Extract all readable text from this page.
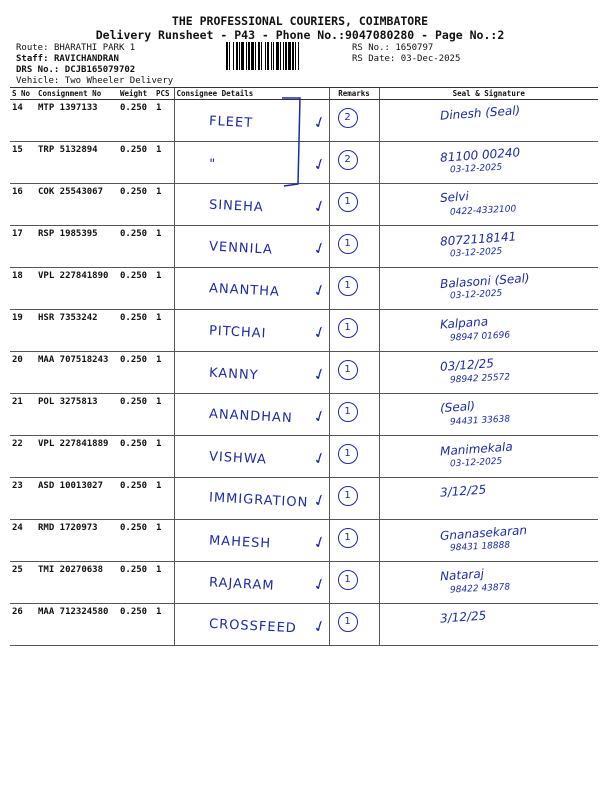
THE PROFESSIONAL COURIERS, COIMBATORE
Delivery Runsheet - P43 - Phone No.:9047080280 - Page No.:2
Route: BHARATHI PARK 1
Staff: RAVICHANDRAN
DRS No.: DCJB165079702
Vehicle: Two Wheeler Delivery
RS No.: 1650797
RS Date: 03-Dec-2025
S No	Consignment No	Weight	PCS	Consignee Details	Remarks	Seal & Signature
14	MTP 1397133	0.250	1	FLEET	✓ 2	Dinesh (Seal)

15	TRP 5132894	0.250	1	"	✓ 2	81100 00240
03-12-2025

16	COK 25543067	0.250	1	SINEHA	✓ 1	Selvi
0422-4332100

17	RSP 1985395	0.250	1	VENNILA	✓ 1	8072118141
03-12-2025

18	VPL 227841890	0.250	1	ANANTHA	✓ 1	Balasoni (Seal)
03-12-2025

19	HSR 7353242	0.250	1	PITCHAI	✓ 1	Kalpana
98947 01696

20	MAA 707518243	0.250	1	KANNY	✓ 1	03/12/25
98942 25572

21	POL 3275813	0.250	1	ANANDHAN	✓ 1	(Seal)
94431 33638

22	VPL 227841889	0.250	1	VISHWA	✓ 1	Manimekala
03-12-2025

23	ASD 10013027	0.250	1	IMMIGRATION	✓ 1	3/12/25

24	RMD 1720973	0.250	1	MAHESH	✓ 1	Gnanasekaran
98431 18888

25	TMI 20270638	0.250	1	RAJARAM	✓ 1	Nataraj
98422 43878

26	MAA 712324580	0.250	1	CROSSFEED	✓ 1	3/12/25
